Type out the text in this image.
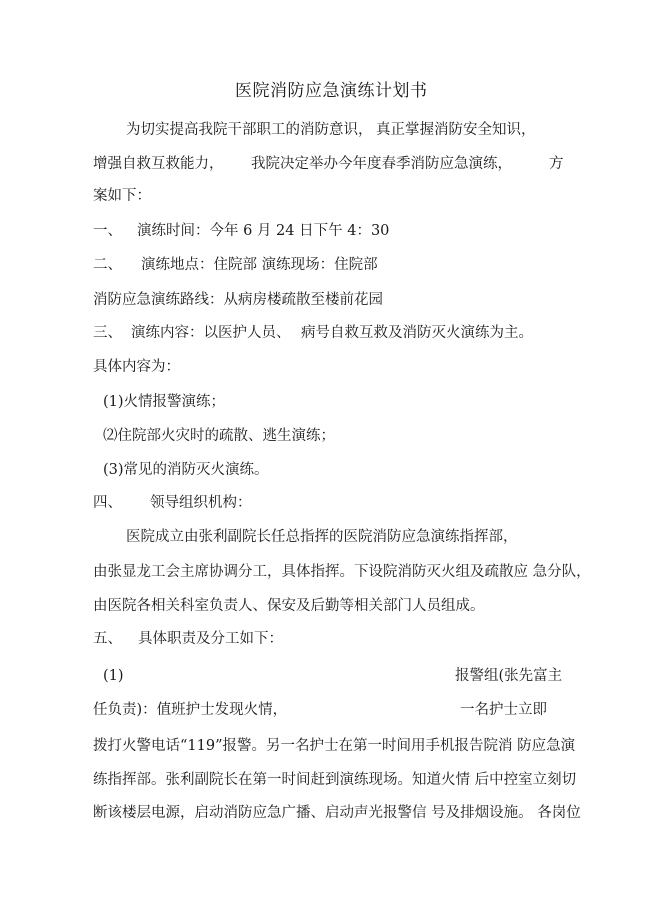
医院消防应急演练计划书
为切实提高我院干部职工的消防意识， 真正掌握消防安全知识，
增强自救互救能力， 我院决定举办今年度春季消防应急演练，	方
案如下：
一、 演练时间：今年 6 月 24 日下午 4：30
二、 演练地点：住院部 演练现场：住院部
消防应急演练路线：从病房楼疏散至楼前花园
三、 演练内容：以医护人员、 病号自救互救及消防灭火演练为主。
具体内容为：
(1)火情报警演练；
⑵住院部火灾时的疏散、逃生演练；
(3)常见的消防灭火演练。
四、 领导组织机构：
医院成立由张利副院长任总指挥的医院消防应急演练指挥部，
由张显龙工会主席协调分工，具体指挥。下设院消防灭火组及疏散应 急分队，
由医院各相关科室负责人、保安及后勤等相关部门人员组成。
五、 具体职责及分工如下：
(1)	报警组(张先富主
任负责)：值班护士发现火情，	一名护士立即
拨打火警电话“119”报警。另一名护士在第一时间用手机报告院消 防应急演
练指挥部。张利副院长在第一时间赶到演练现场。知道火情 后中控室立刻切
断该楼层电源，启动消防应急广播、启动声光报警信 号及排烟设施。 各岗位
